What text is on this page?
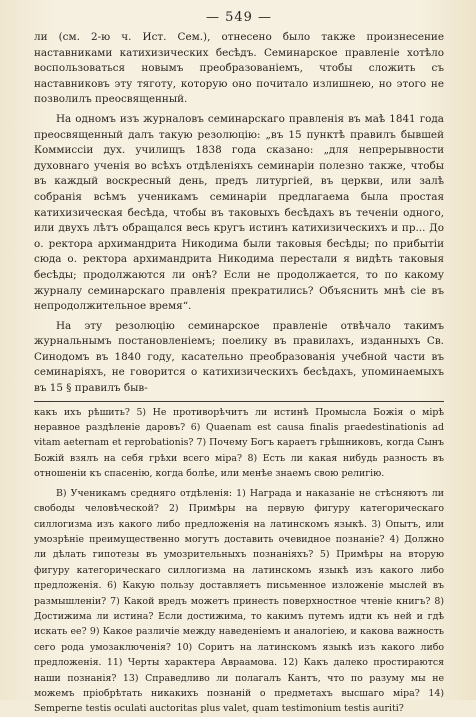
— 549 —

ли (см. 2-ю ч. Ист. Сем.), отнесено было также произнесение наставниками катихизических бесѣдъ. Семинарское правленіе хотѣло воспользоваться новымъ преобразованіемъ, чтобы сложить съ наставниковъ эту тяготу, которую оно почитало излишнею, но этого не позволилъ преосвященный.

На одномъ изъ журналовъ семинарскаго правленія въ маѣ 1841 года преосвященный далъ такую резолюцію: „въ 15 пунктѣ правилъ бывшей Коммиссіи дух. училищъ 1838 года сказано: „для непрерывности духовнаго ученія во всѣхъ отдѣленіяхъ семинаріи полезно также, чтобы въ каждый воскресный день, предъ литургіей, въ церкви, или залѣ собранія всѣмъ ученикамъ семинаріи предлагаема была простая катихизическая бесѣда, чтобы въ таковыхъ бесѣдахъ въ теченіи одного, или двухъ лѣтъ обращался весь кругъ истинъ катихизическихъ и пр... До о. ректора архимандрита Никодима были таковыя бесѣды; по прибытіи сюда о. ректора архимандрита Никодима перестали я видѣть таковыя бесѣды; продолжаются ли онѣ? Если не продолжается, то по какому журналу семинарскаго правленія прекратились? Объяснить мнѣ сіе въ непродолжительное время“.

На эту резолюцію семинарское правленіе отвѣчало такимъ журнальнымъ постановленіемъ; поелику въ правилахъ, изданныхъ Св. Синодомъ въ 1840 году, касательно преобразованія учебной части въ семинаріяхъ, не говорится о катихизическихъ бесѣдахъ, упоминаемыхъ въ 15 § правилъ быв-

какъ ихъ рѣшить? 5) Не противорѣчитъ ли истинѣ Промысла Божія о мірѣ неравное раздѣленіе даровъ? 6) Quaenam est causa finalis praedestinationis ad vitam aeternam et reprobationis? 7) Почему Богъ караетъ грѣшниковъ, когда Сынъ Божій взялъ на себя грѣхи всего міра? 8) Есть ли какая нибудь разность въ отношеніи къ спасенію, когда болѣе, или менѣе знаемъ свою религію.

В) Ученикамъ средняго отдѣленія: 1) Награда и наказаніе не стѣсняютъ ли свободы человѣческой? 2) Примѣры на первую фигуру категорическаго силлогизма изъ какого либо предложенія на латинскомъ языкѣ. 3) Опытъ, или умозрѣніе преимущественно могутъ доставить очевидное познаніе? 4) Должно ли дѣлать гипотезы въ умозрительныхъ познаніяхъ? 5) Примѣры на вторую фигуру категорическаго силлогизма на латинскомъ языкѣ изъ какого либо предложенія. 6) Какую пользу доставляетъ письменное изложеніе мыслей въ размышленіи? 7) Какой вредъ можетъ принесть поверхностное чтеніе книгъ? 8) Достижима ли истина? Если достижима, то какимъ путемъ идти къ ней и гдѣ искать ее? 9) Какое различіе между наведеніемъ и аналогіею, и какова важность сего рода умозаключенія? 10) Соритъ на латинскомъ языкѣ изъ какого либо предложенія. 11) Черты характера Авраамова. 12) Какъ далеко простираются наши познанія? 13) Справедливо ли полагалъ Кантъ, что по разуму мы не можемъ пріобрѣтать никакихъ познаній о предметахъ высшаго міра? 14) Semperne testis oculati auctoritas plus valet, quam testimonium testis auriti?
